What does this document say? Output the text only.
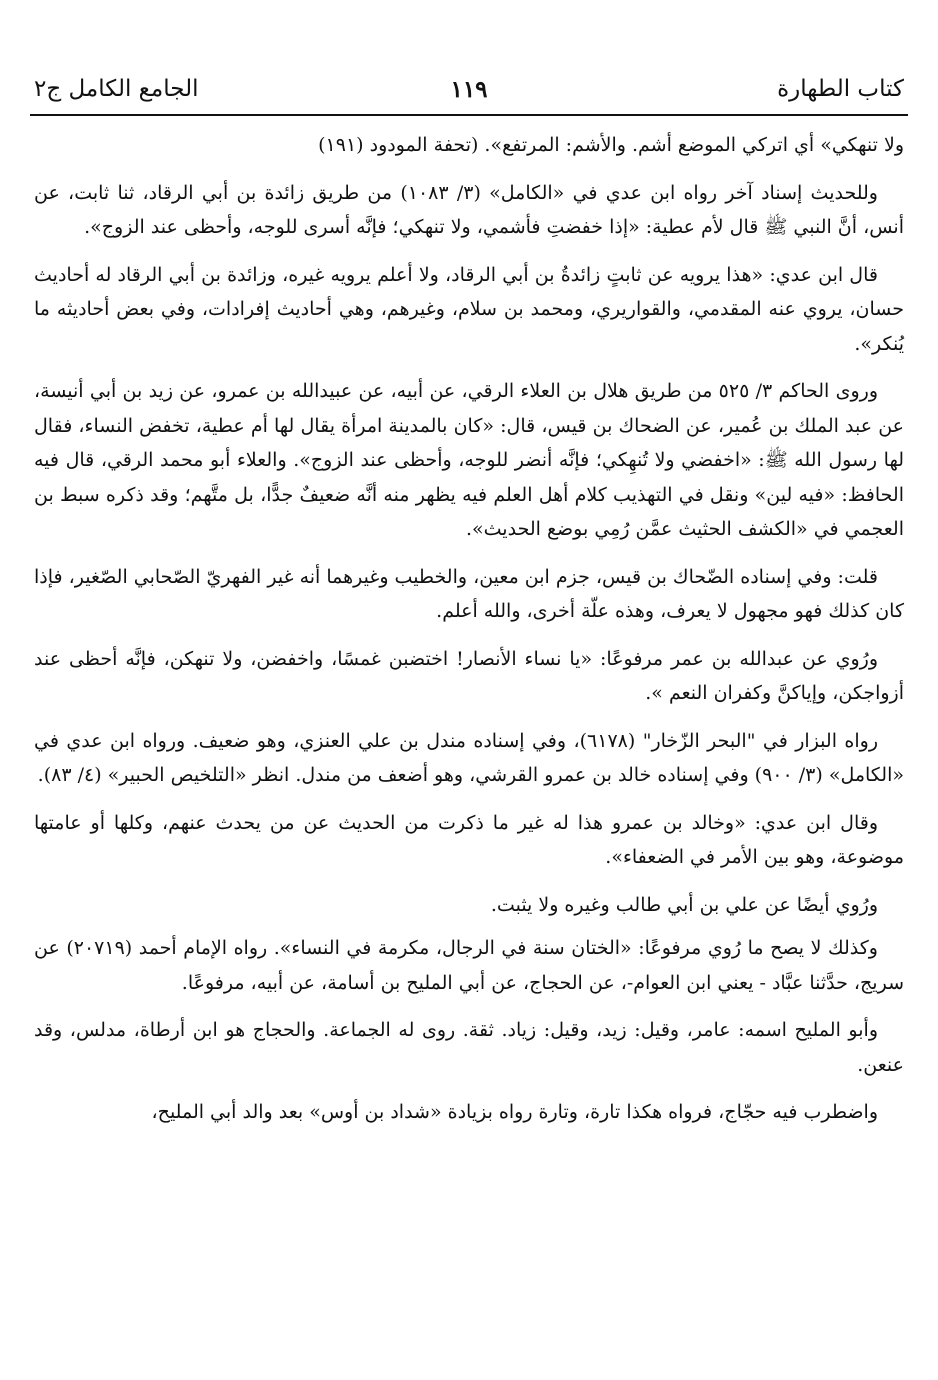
كتاب الطهارة
١١٩
الجامع الكامل ج٢

ولا تنهكي» أي اتركي الموضع أشم. والأشم: المرتفع». (تحفة المودود (١٩١)

وللحديث إسناد آخر رواه ابن عدي في «الكامل» (٣/ ١٠٨٣) من طريق زائدة بن أبي الرقاد، ثنا ثابت، عن أنس، أنَّ النبي ﷺ قال لأم عطية: «إذا خفضتِ فأشمي، ولا تنهكي؛ فإنَّه أسرى للوجه، وأحظى عند الزوج».

قال ابن عدي: «هذا يرويه عن ثابتٍ زائدةُ بن أبي الرقاد، ولا أعلم يرويه غيره، وزائدة بن أبي الرقاد له أحاديث حسان، يروي عنه المقدمي، والقواريري، ومحمد بن سلام، وغيرهم، وهي أحاديث إفرادات، وفي بعض أحاديثه ما يُنكر».

وروى الحاكم ٣/ ٥٢٥ من طريق هلال بن العلاء الرقي، عن أبيه، عن عبيدالله بن عمرو، عن زيد بن أبي أنيسة، عن عبد الملك بن عُمير، عن الضحاك بن قيس، قال: «كان بالمدينة امرأة يقال لها أم عطية، تخفض النساء، فقال لها رسول الله ﷺ: «اخفضي ولا تُنهِكي؛ فإنَّه أنضر للوجه، وأحظى عند الزوج». والعلاء أبو محمد الرقي، قال فيه الحافظ: «فيه لين» ونقل في التهذيب كلام أهل العلم فيه يظهر منه أنَّه ضعيفٌ جدًّا، بل متَّهم؛ وقد ذكره سبط بن العجمي في «الكشف الحثيث عمَّن رُمِي بوضع الحديث».

قلت: وفي إسناده الضّحاك بن قيس، جزم ابن معين، والخطيب وغيرهما أنه غير الفهريّ الصّحابي الصّغير، فإذا كان كذلك فهو مجهول لا يعرف، وهذه علّة أخرى، والله أعلم.

ورُوي عن عبدالله بن عمر مرفوعًا: «يا نساء الأنصار! اختضبن غمسًا، واخفضن، ولا تنهكن، فإنَّه أحظى عند أزواجكن، وإياكنَّ وكفران النعم ».

رواه البزار في "البحر الزّخار" (٦١٧٨)، وفي إسناده مندل بن علي العنزي، وهو ضعيف. ورواه ابن عدي في «الكامل» (٣/ ٩٠٠) وفي إسناده خالد بن عمرو القرشي، وهو أضعف من مندل. انظر «التلخيص الحبير» (٤/ ٨٣).

وقال ابن عدي: «وخالد بن عمرو هذا له غير ما ذكرت من الحديث عن من يحدث عنهم، وكلها أو عامتها موضوعة، وهو بين الأمر في الضعفاء».

ورُوي أيضًا عن علي بن أبي طالب وغيره ولا يثبت.

وكذلك لا يصح ما رُوي مرفوعًا: «الختان سنة في الرجال، مكرمة في النساء». رواه الإمام أحمد (٢٠٧١٩) عن سريج، حدَّثنا عبَّاد - يعني ابن العوام-، عن الحجاج، عن أبي المليح بن أسامة، عن أبيه، مرفوعًا.

وأبو المليح اسمه: عامر، وقيل: زيد، وقيل: زياد. ثقة. روى له الجماعة. والحجاج هو ابن أرطاة، مدلس، وقد عنعن.

واضطرب فيه حجّاج، فرواه هكذا تارة، وتارة رواه بزيادة «شداد بن أوس» بعد والد أبي المليح،
